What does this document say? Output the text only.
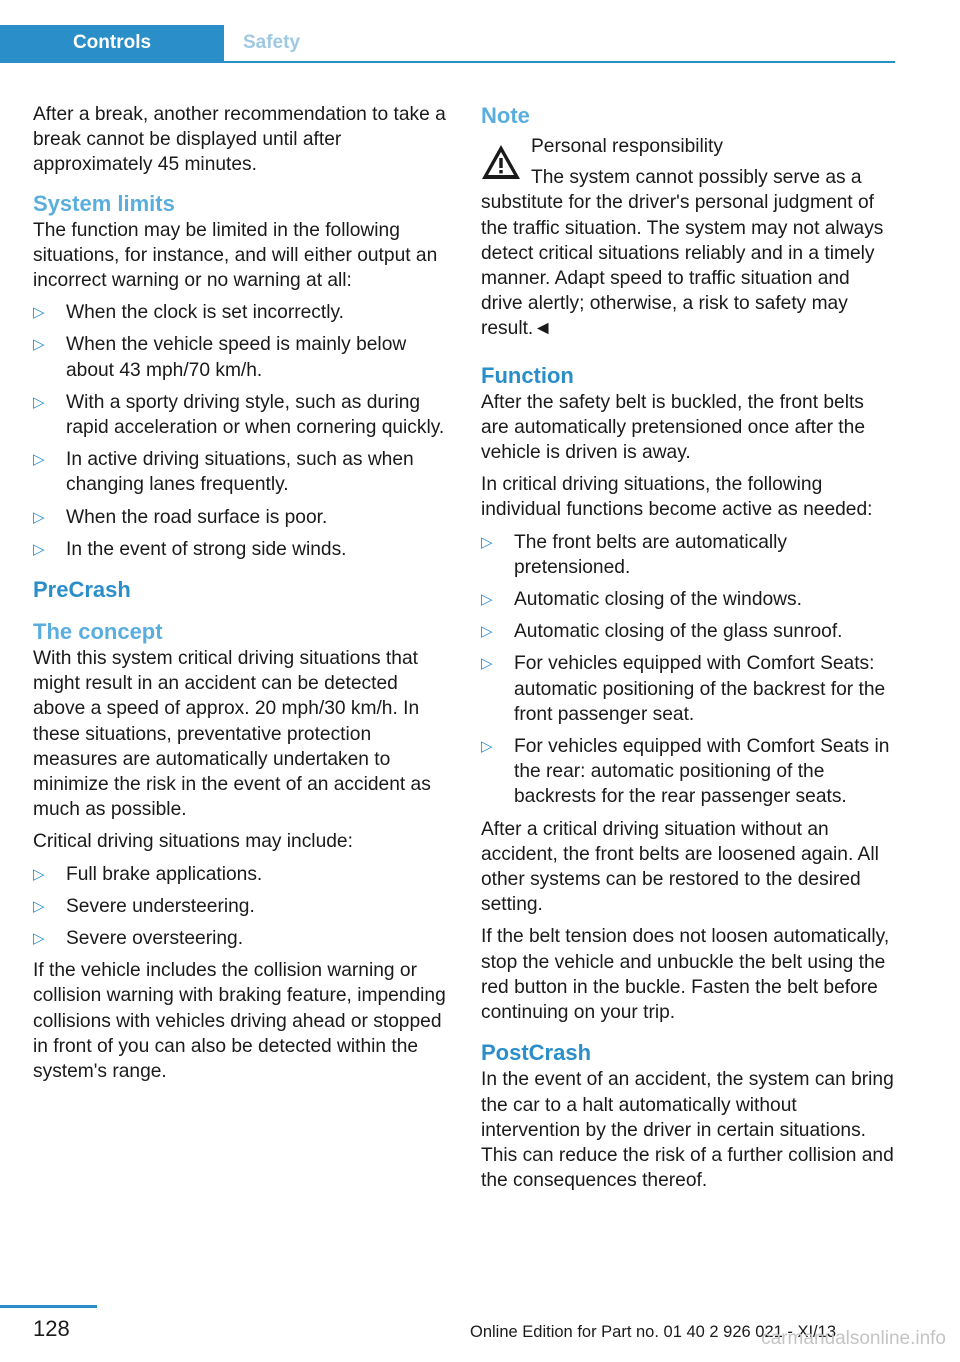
Controls	Safety

After a break, another recommendation to take a break cannot be displayed until after approximately 45 minutes.

System limits

The function may be limited in the following situations, for instance, and will either output an incorrect warning or no warning at all:

▷ When the clock is set incorrectly.
▷ When the vehicle speed is mainly below about 43 mph/70 km/h.
▷ With a sporty driving style, such as during rapid acceleration or when cornering quickly.
▷ In active driving situations, such as when changing lanes frequently.
▷ When the road surface is poor.
▷ In the event of strong side winds.
PreCrash
The concept

With this system critical driving situations that might result in an accident can be detected above a speed of approx. 20 mph/30 km/h. In these situations, preventative protection measures are automatically undertaken to minimize the risk in the event of an accident as much as possible.

Critical driving situations may include:

▷ Full brake applications.
▷ Severe understeering.
▷ Severe oversteering.

If the vehicle includes the collision warning or collision warning with braking feature, impending collisions with vehicles driving ahead or stopped in front of you can also be detected within the system's range.

Note

Personal responsibility

The system cannot possibly serve as a substitute for the driver's personal judgment of the traffic situation. The system may not always detect critical situations reliably and in a timely manner. Adapt speed to traffic situation and drive alertly; otherwise, a risk to safety may result.◄

Function

After the safety belt is buckled, the front belts are automatically pretensioned once after the vehicle is driven is away.

In critical driving situations, the following individual functions become active as needed:

▷ The front belts are automatically pretensioned.
▷ Automatic closing of the windows.
▷ Automatic closing of the glass sunroof.
▷ For vehicles equipped with Comfort Seats: automatic positioning of the backrest for the front passenger seat.
▷ For vehicles equipped with Comfort Seats in the rear: automatic positioning of the backrests for the rear passenger seats.

After a critical driving situation without an accident, the front belts are loosened again. All other systems can be restored to the desired setting.

If the belt tension does not loosen automatically, stop the vehicle and unbuckle the belt using the red button in the buckle. Fasten the belt before continuing on your trip.

PostCrash

In the event of an accident, the system can bring the car to a halt automatically without intervention by the driver in certain situations. This can reduce the risk of a further collision and the consequences thereof.

128	Online Edition for Part no. 01 40 2 926 021 - XI/13
carmanualsonline.info
